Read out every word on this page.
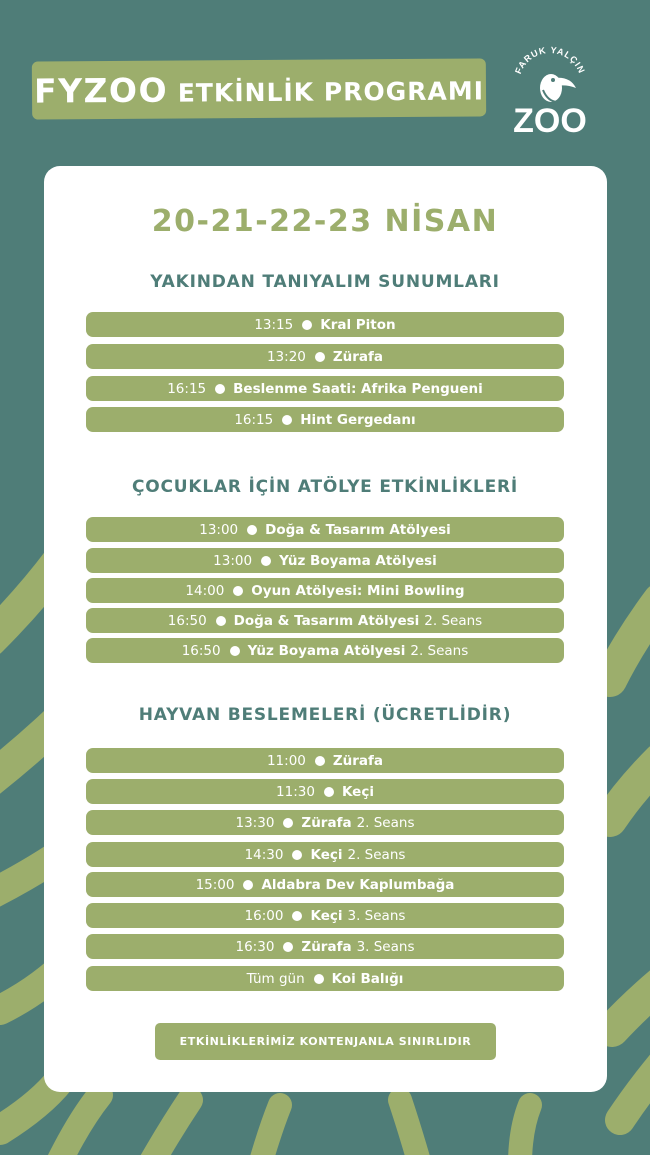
FYZOO ETKİNLİK PROGRAMI
FARUK YALÇIN
ZOO
20-21-22-23 NİSAN
YAKINDAN TANIYALIM SUNUMLARI
13:15 Kral Piton
13:20 Zürafa
16:15 Beslenme Saati: Afrika Pengueni
16:15 Hint Gergedanı
ÇOCUKLAR İÇİN ATÖLYE ETKİNLİKLERİ
13:00 Doğa & Tasarım Atölyesi
13:00 Yüz Boyama Atölyesi
14:00 Oyun Atölyesi: Mini Bowling
16:50 Doğa & Tasarım Atölyesi 2. Seans
16:50 Yüz Boyama Atölyesi 2. Seans
HAYVAN BESLEMELERİ (ÜCRETLİDİR)
11:00 Zürafa
11:30 Keçi
13:30 Zürafa 2. Seans
14:30 Keçi 2. Seans
15:00 Aldabra Dev Kaplumbağa
16:00 Keçi 3. Seans
16:30 Zürafa 3. Seans
Tüm gün Koi Balığı
ETKİNLİKLERİMİZ KONTENJANLA SINIRLIDIR
